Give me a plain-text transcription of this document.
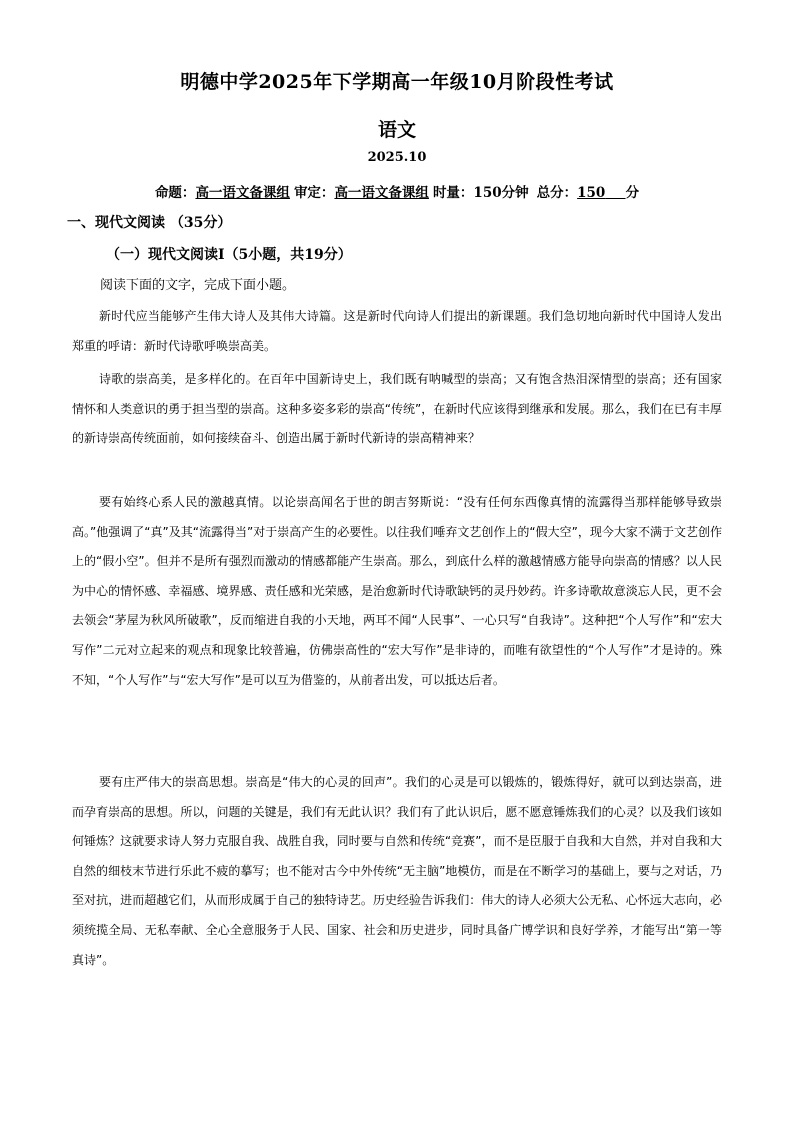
明德中学2025年下学期高一年级10月阶段性考试
语文
2025.10
命题：高一语文备课组 审定：高一语文备课组 时量：150分钟 总分：150   分
一、现代文阅读 （35分）
（一）现代文阅读Ⅰ（5小题，共19分）
阅读下面的文字，完成下面小题。

新时代应当能够产生伟大诗人及其伟大诗篇。这是新时代向诗人们提出的新课题。我们急切地向新时代中国诗人发出郑重的呼请：新时代诗歌呼唤崇高美。

诗歌的崇高美，是多样化的。在百年中国新诗史上，我们既有呐喊型的崇高；又有饱含热泪深情型的崇高；还有国家情怀和人类意识的勇于担当型的崇高。这种多姿多彩的崇高“传统”，在新时代应该得到继承和发展。那么，我们在已有丰厚的新诗崇高传统面前，如何接续奋斗、创造出属于新时代新诗的崇高精神来？

要有始终心系人民的激越真情。以论崇高闻名于世的朗吉努斯说：“没有任何东西像真情的流露得当那样能够导致崇高。”他强调了“真”及其“流露得当”对于崇高产生的必要性。以往我们唾弃文艺创作上的“假大空”，现今大家不满于文艺创作上的“假小空”。但并不是所有强烈而激动的情感都能产生崇高。那么，到底什么样的激越情感方能导向崇高的情感？以人民为中心的情怀感、幸福感、境界感、责任感和光荣感，是治愈新时代诗歌缺钙的灵丹妙药。许多诗歌故意淡忘人民，更不会去领会“茅屋为秋风所破歌”，反而缩进自我的小天地，两耳不闻“人民事”、一心只写“自我诗”。这种把“个人写作”和“宏大写作”二元对立起来的观点和现象比较普遍，仿佛崇高性的“宏大写作”是非诗的，而唯有欲望性的“个人写作”才是诗的。殊不知，“个人写作”与“宏大写作”是可以互为借鉴的，从前者出发，可以抵达后者。

要有庄严伟大的崇高思想。崇高是“伟大的心灵的回声”。我们的心灵是可以锻炼的，锻炼得好，就可以到达崇高，进而孕育崇高的思想。所以，问题的关键是，我们有无此认识？我们有了此认识后，愿不愿意锤炼我们的心灵？以及我们该如何锤炼？这就要求诗人努力克服自我、战胜自我，同时要与自然和传统“竞赛”，而不是臣服于自我和大自然，并对自我和大自然的细枝末节进行乐此不疲的摹写；也不能对古今中外传统“无主脑”地模仿，而是在不断学习的基础上，要与之对话，乃至对抗，进而超越它们，从而形成属于自己的独特诗艺。历史经验告诉我们：伟大的诗人必须大公无私、心怀远大志向，必须统揽全局、无私奉献、全心全意服务于人民、国家、社会和历史进步，同时具备广博学识和良好学养，才能写出“第一等真诗”。
